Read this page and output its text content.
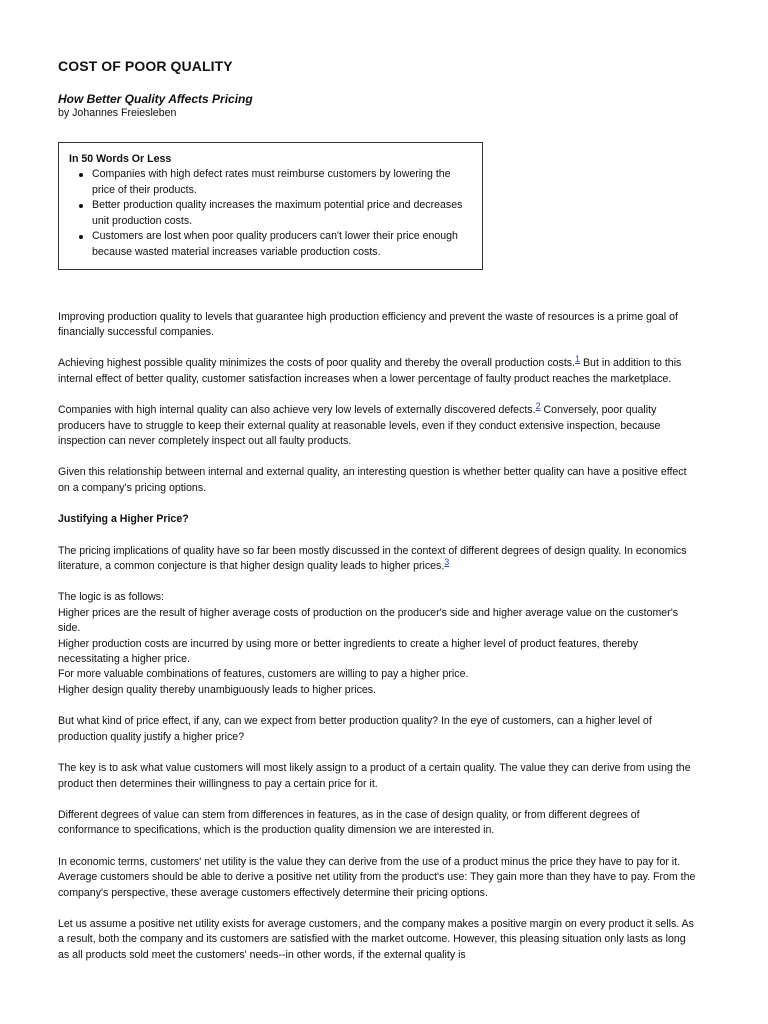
COST OF POOR QUALITY
How Better Quality Affects Pricing

by Johannes Freiesleben

In 50 Words Or Less

Companies with high defect rates must reimburse customers by lowering the price of their products.
Better production quality increases the maximum potential price and decreases unit production costs.
Customers are lost when poor quality producers can't lower their price enough because wasted material increases variable production costs.

Improving production quality to levels that guarantee high production efficiency and prevent the waste of resources is a prime goal of financially successful companies.

Achieving highest possible quality minimizes the costs of poor quality and thereby the overall production costs.$^1$ But in addition to this internal effect of better quality, customer satisfaction increases when a lower percentage of faulty product reaches the marketplace.

Companies with high internal quality can also achieve very low levels of externally discovered defects.$^2$ Conversely, poor quality producers have to struggle to keep their external quality at reasonable levels, even if they conduct extensive inspection, because inspection can never completely inspect out all faulty products.

Given this relationship between internal and external quality, an interesting question is whether better quality can have a positive effect on a company's pricing options.

Justifying a Higher Price?

The pricing implications of quality have so far been mostly discussed in the context of different degrees of design quality. In economics literature, a common conjecture is that higher design quality leads to higher prices.$^3$

The logic is as follows:
Higher prices are the result of higher average costs of production on the producer's side and higher average value on the customer's side.
Higher production costs are incurred by using more or better ingredients to create a higher level of product features, thereby necessitating a higher price.
For more valuable combinations of features, customers are willing to pay a higher price.
Higher design quality thereby unambiguously leads to higher prices.

But what kind of price effect, if any, can we expect from better production quality? In the eye of customers, can a higher level of production quality justify a higher price?

The key is to ask what value customers will most likely assign to a product of a certain quality. The value they can derive from using the product then determines their willingness to pay a certain price for it.

Different degrees of value can stem from differences in features, as in the case of design quality, or from different degrees of conformance to specifications, which is the production quality dimension we are interested in.

In economic terms, customers' net utility is the value they can derive from the use of a product minus the price they have to pay for it. Average customers should be able to derive a positive net utility from the product's use: They gain more than they have to pay. From the company's perspective, these average customers effectively determine their pricing options.

Let us assume a positive net utility exists for average customers, and the company makes a positive margin on every product it sells. As a result, both the company and its customers are satisfied with the market outcome. However, this pleasing situation only lasts as long as all products sold meet the customers' needs--in other words, if the external quality is
